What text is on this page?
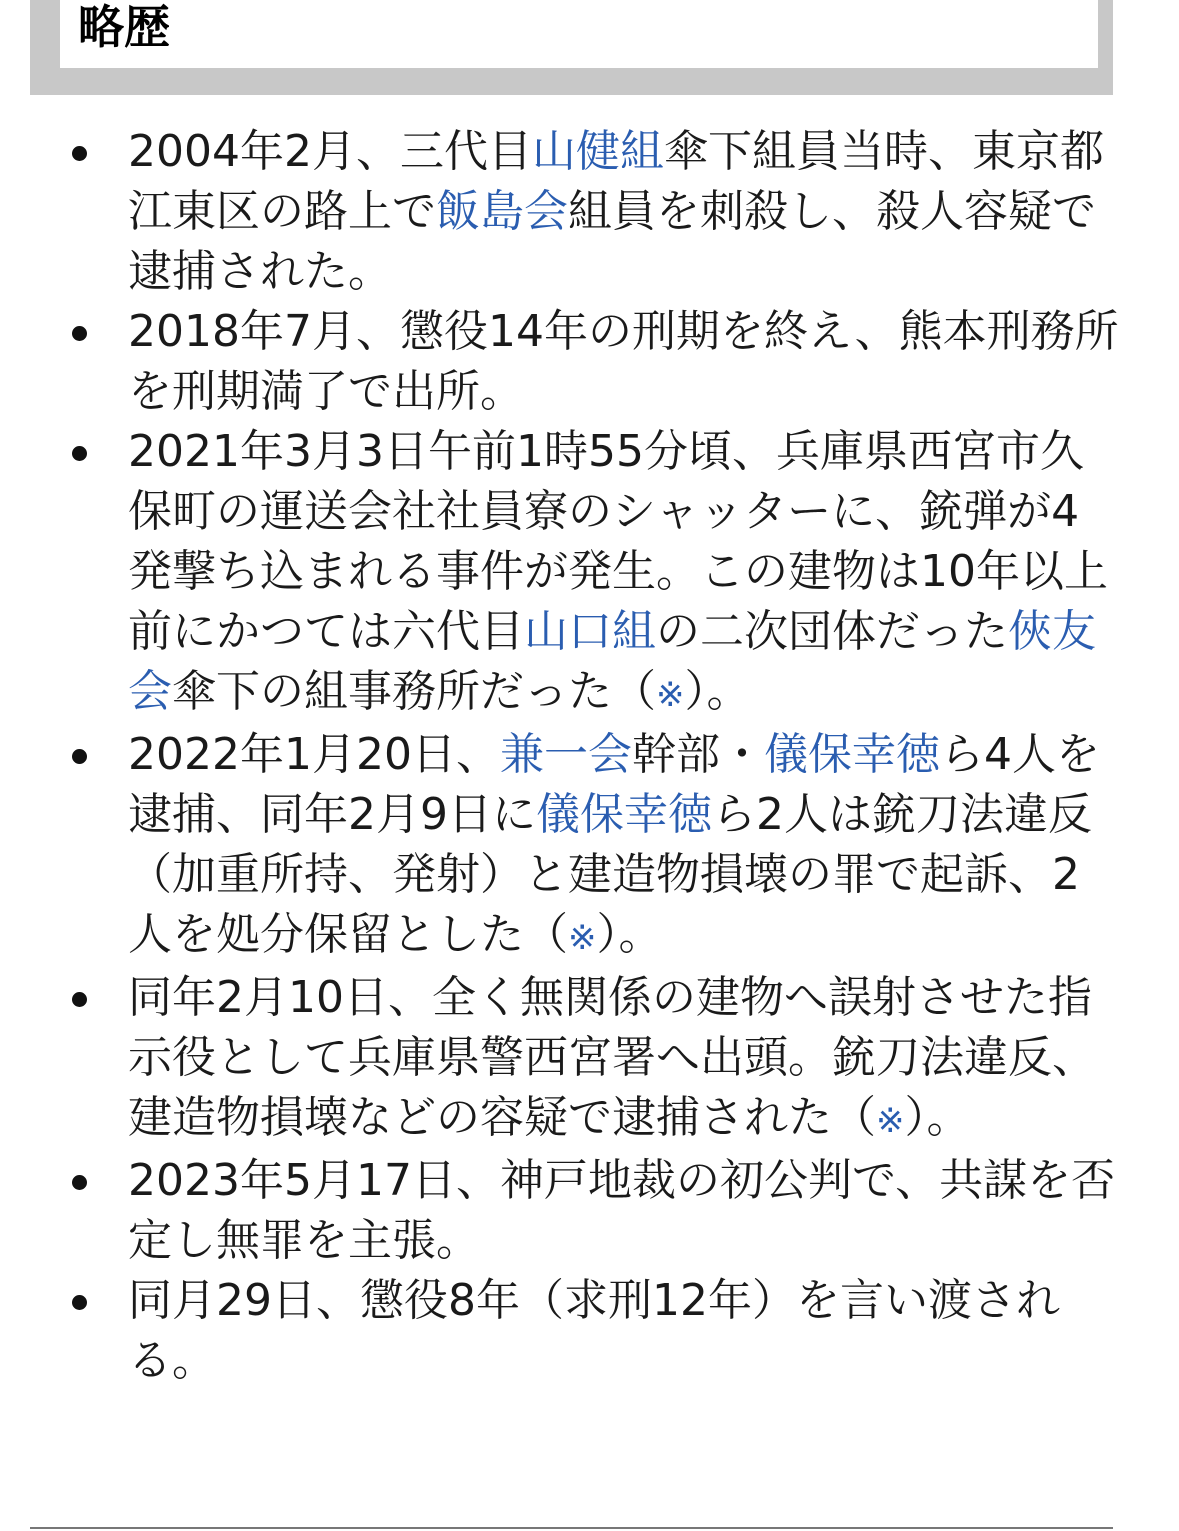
略歴
2004年2月、三代目山健組傘下組員当時、東京都江東区の路上で飯島会組員を刺殺し、殺人容疑で逮捕された。
2018年7月、懲役14年の刑期を終え、熊本刑務所を刑期満了で出所。
2021年3月3日午前1時55分頃、兵庫県西宮市久保町の運送会社社員寮のシャッターに、銃弾が4発撃ち込まれる事件が発生。この建物は10年以上前にかつては六代目山口組の二次団体だった俠友会傘下の組事務所だった（※）。
2022年1月20日、兼一会幹部・儀保幸徳ら4人を逮捕、同年2月9日に儀保幸徳ら2人は銃刀法違反（加重所持、発射）と建造物損壊の罪で起訴、2人を処分保留とした（※）。
同年2月10日、全く無関係の建物へ誤射させた指示役として兵庫県警西宮署へ出頭。銃刀法違反、建造物損壊などの容疑で逮捕された（※）。
2023年5月17日、神戸地裁の初公判で、共謀を否定し無罪を主張。
同月29日、懲役8年（求刑12年）を言い渡される。
